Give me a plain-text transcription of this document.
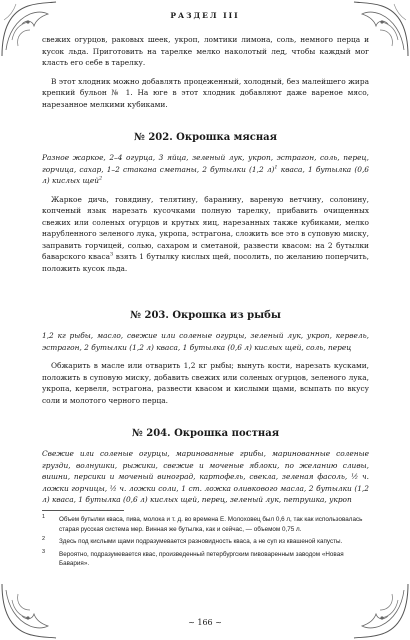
РАЗДЕЛ III

свежих огурцов, раковых шеек, укроп, ломтики лимона, соль, немного перца и кусок льда. Приготовить на тарелке мелко наколотый лед, чтобы каждый мог класть его себе в тарелку.

В этот хлодник можно добавлять процеженный, холодный, без малейшего жира крепкий бульон № 1. На юге в этот хлодник добавляют даже вареное мясо, нарезанное мелкими кубиками.

№ 202. Окрошка мясная

Разное жаркое, 2–4 огурца, 3 яйца, зеленый лук, укроп, эстрагон, соль, перец, горчица, сахар, 1–2 стакана сметаны, 2 бутылки (1,2 л)$^1$ кваса, 1 бутылка (0,6 л) кислых щей$^2$

Жаркое дичь, говядину, телятину, баранину, вареную ветчину, солонину, копченый язык нарезать кусочками полную тарелку, прибавить очищенных свежих или соленых огурцов и крутых яиц, нарезанных также кубиками, мелко нарубленного зеленого лука, укропа, эстрагона, сложить все это в суповую миску, заправить горчицей, солью, сахаром и сметаной, развести квасом: на 2 бутылки баварского кваса$^3$ взять 1 бутылку кислых щей, посолить, по желанию поперчить, положить кусок льда.

№ 203. Окрошка из рыбы

1,2 кг рыбы, масло, свежие или соленые огурцы, зеленый лук, укроп, кервель, эстрагон, 2 бутылки (1,2 л) кваса, 1 бутылка (0,6 л) кислых щей, соль, перец

Обжарить в масле или отварить 1,2 кг рыбы; вынуть кости, нарезать кусками, положить в суповую миску, добавить свежих или соленых огурцов, зеленого лука, укропа, кервеля, эстрагона, развести квасом и кислыми щами, всыпать по вкусу соли и молотого черного перца.

№ 204. Окрошка постная

Свежие или соленые огурцы, маринованные грибы, маринованные соленые грузди, волнушки, рыжики, свежие и моченые яблоки, по желанию сливы, вишни, персики и моченый виноград, картофель, свекла, зеленая фасоль, ½ ч. ложки горчицы, ½ ч. ложки соли, 1 ст. ложка оливкового масла, 2 бутылки (1,2 л) кваса, 1 бутылка (0,6 л) кислых щей, перец, зеленый лук, петрушка, укроп

1 Объем бутылки кваса, пива, молока и т. д. во времена Е. Молоховец был 0,6 л, так как использовалась старая русская система мер. Винная же бутылка, как и сейчас, — объемом 0,75 л.
2 Здесь под кислыми щами подразумевается разновидность кваса, а не суп из квашеной капусты.
3 Вероятно, подразумевается квас, произведенный петербургским пивоваренным заводом «Новая Бавария».
~ 166 ~
